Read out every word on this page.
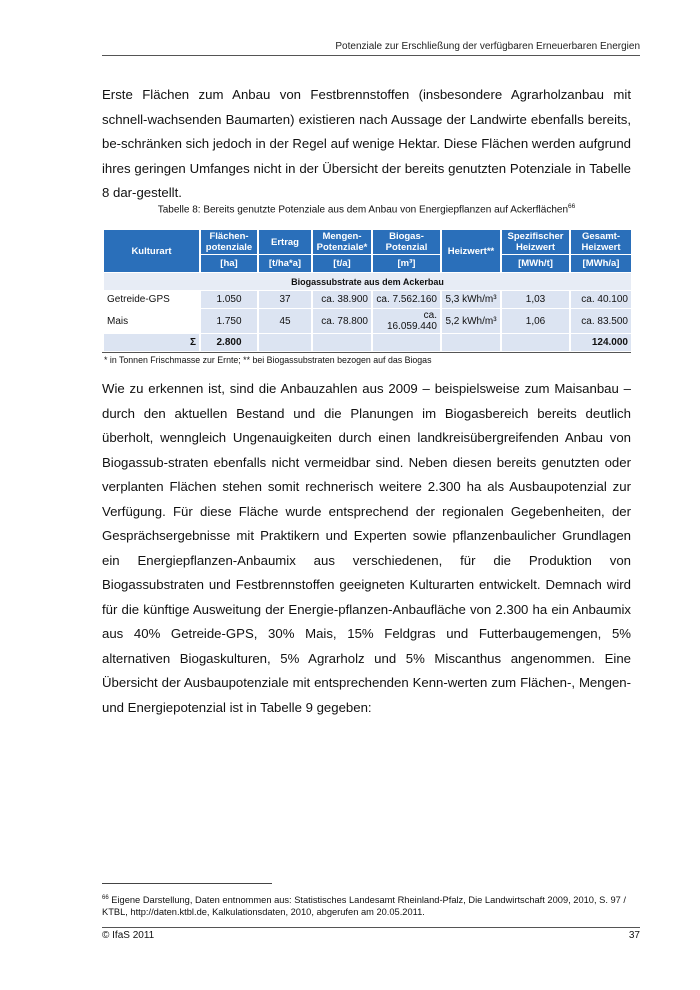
Potenziale zur Erschließung der verfügbaren Erneuerbaren Energien

Erste Flächen zum Anbau von Festbrennstoffen (insbesondere Agrarholzanbau mit schnell-wachsenden Baumarten) existieren nach Aussage der Landwirte ebenfalls bereits, be-schränken sich jedoch in der Regel auf wenige Hektar. Diese Flächen werden aufgrund ihres geringen Umfanges nicht in der Übersicht der bereits genutzten Potenziale in Tabelle 8 dar-gestellt.

Tabelle 8: Bereits genutzte Potenziale aus dem Anbau von Energiepflanzen auf Ackerflächen$^{66}$
Kulturart	Flächen-potenziale	Ertrag	Mengen-Potenziale*	Biogas-Potenzial	Heizwert**	Spezifischer Heizwert	Gesamt-Heizwert
	[ha]	[t/ha*a]	[t/a]	[m³]		[MWh/t]	[MWh/a]
Biogassubstrate aus dem Ackerbau							
Getreide-GPS	1.050	37	ca. 38.900	ca. 7.562.160	5,3 kWh/m³	1,03	ca. 40.100
Mais	1.750	45	ca. 78.800	ca. 16.059.440	5,2 kWh/m³	1,06	ca. 83.500
Σ	2.800						124.000
* in Tonnen Frischmasse zur Ernte; ** bei Biogassubstraten bezogen auf das Biogas

Wie zu erkennen ist, sind die Anbauzahlen aus 2009 – beispielsweise zum Maisanbau – durch den aktuellen Bestand und die Planungen im Biogasbereich bereits deutlich überholt, wenngleich Ungenauigkeiten durch einen landkreisübergreifenden Anbau von Biogassub-straten ebenfalls nicht vermeidbar sind. Neben diesen bereits genutzten oder verplanten Flächen stehen somit rechnerisch weitere 2.300 ha als Ausbaupotenzial zur Verfügung. Für diese Fläche wurde entsprechend der regionalen Gegebenheiten, der Gesprächsergebnisse mit Praktikern und Experten sowie pflanzenbaulicher Grundlagen ein Energiepflanzen-Anbaumix aus verschiedenen, für die Produktion von Biogassubstraten und Festbrennstoffen geeigneten Kulturarten entwickelt. Demnach wird für die künftige Ausweitung der Energie-pflanzen-Anbaufläche von 2.300 ha ein Anbaumix aus 40% Getreide-GPS, 30% Mais, 15% Feldgras und Futterbaugemengen, 5% alternativen Biogaskulturen, 5% Agrarholz und 5% Miscanthus angenommen. Eine Übersicht der Ausbaupotenziale mit entsprechenden Kenn-werten zum Flächen-, Mengen- und Energiepotenzial ist in Tabelle 9 gegeben:

$^{66}$ Eigene Darstellung, Daten entnommen aus: Statistisches Landesamt Rheinland-Pfalz, Die Landwirtschaft 2009, 2010, S. 97 / KTBL, http://daten.ktbl.de, Kalkulationsdaten, 2010, abgerufen am 20.05.2011.
© IfaS 2011	37
